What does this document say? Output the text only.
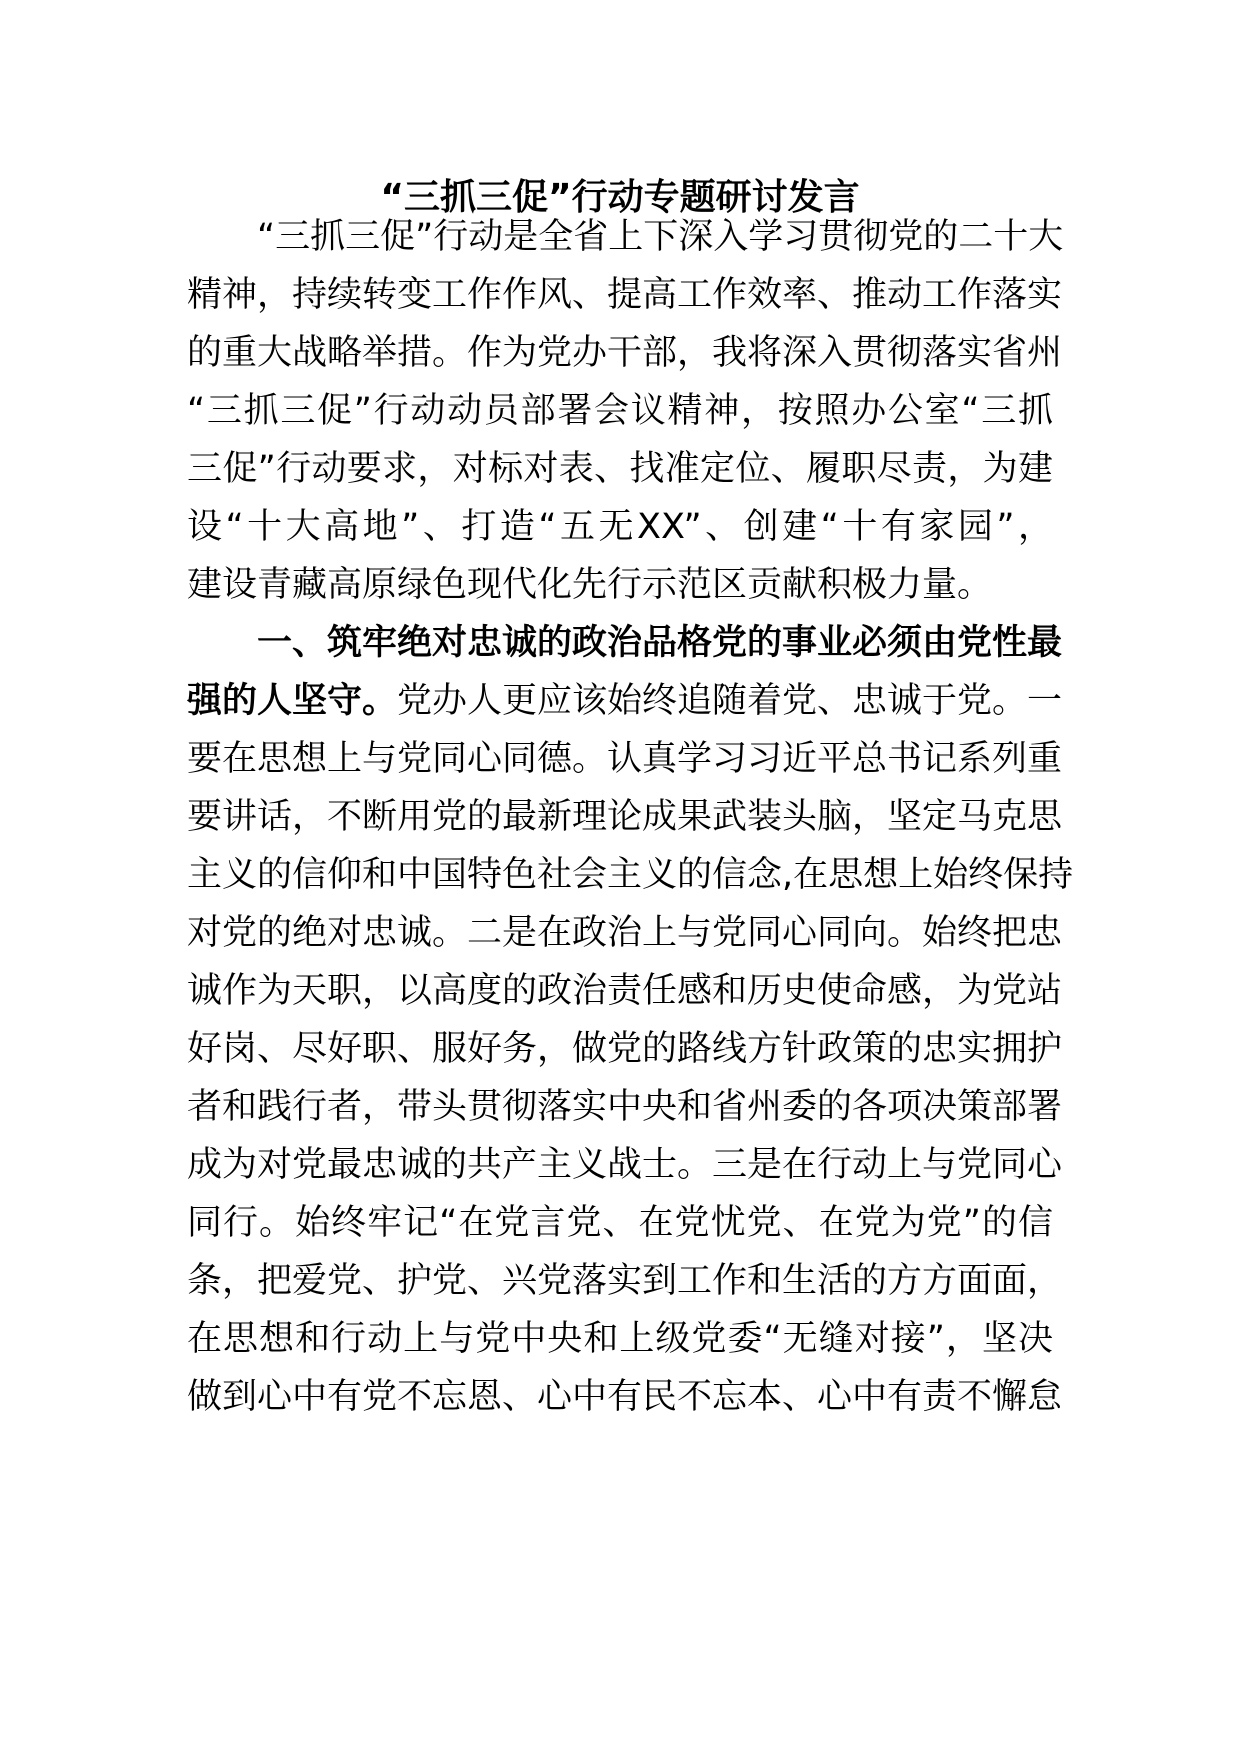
“三抓三促”行动专题研讨发言

“三抓三促”行动是全省上下深入学习贯彻党的二十大

精神，持续转变工作作风、提高工作效率、推动工作落实

的重大战略举措。作为党办干部，我将深入贯彻落实省州

“三抓三促”行动动员部署会议精神，按照办公室“三抓

三促”行动要求，对标对表、找准定位、履职尽责，为建

设“十大高地”、打造“五无XX”、创建“十有家园”，

建设青藏高原绿色现代化先行示范区贡献积极力量。

一、筑牢绝对忠诚的政治品格党的事业必须由党性最

强的人坚守。党办人更应该始终追随着党、忠诚于党。一

要在思想上与党同心同德。认真学习习近平总书记系列重

要讲话，不断用党的最新理论成果武装头脑，坚定马克思

主义的信仰和中国特色社会主义的信念,在思想上始终保持

对党的绝对忠诚。二是在政治上与党同心同向。始终把忠

诚作为天职，以高度的政治责任感和历史使命感，为党站

好岗、尽好职、服好务，做党的路线方针政策的忠实拥护

者和践行者，带头贯彻落实中央和省州委的各项决策部署

成为对党最忠诚的共产主义战士。三是在行动上与党同心

同行。始终牢记“在党言党、在党忧党、在党为党”的信

条，把爱党、护党、兴党落实到工作和生活的方方面面，

在思想和行动上与党中央和上级党委“无缝对接”，坚决

做到心中有党不忘恩、心中有民不忘本、心中有责不懈怠
